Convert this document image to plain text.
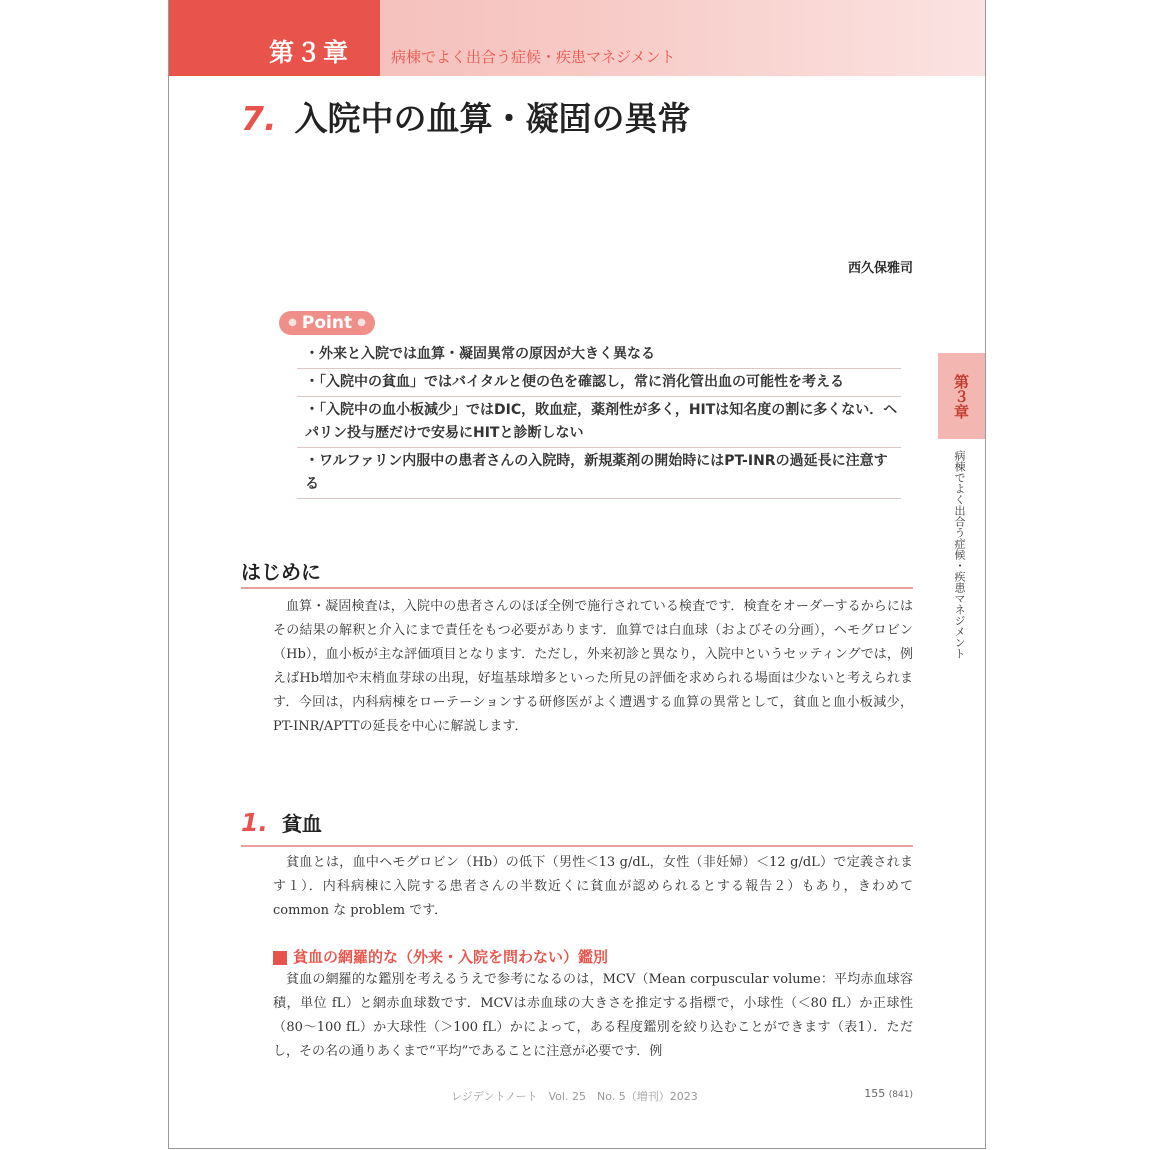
第３章	病棟でよく出合う症候・疾患マネジメント
7. 入院中の血算・凝固の異常
西久保雅司
● Point ●
・外来と入院では血算・凝固異常の原因が大きく異なる
・「入院中の貧血」ではバイタルと便の色を確認し，常に消化管出血の可能性を考える
・「入院中の血小板減少」ではDIC，敗血症，薬剤性が多く，HITは知名度の割に多くない．ヘパリン投与歴だけで安易にHITと診断しない
・ワルファリン内服中の患者さんの入院時，新規薬剤の開始時にはPT-INRの過延長に注意する
第３章
病棟でよく出合う症候・疾患マネジメント
はじめに

血算・凝固検査は，入院中の患者さんのほぼ全例で施行されている検査です．検査をオーダーするからにはその結果の解釈と介入にまで責任をもつ必要があります．血算では白血球（およびその分画），ヘモグロビン（Hb），血小板が主な評価項目となります．ただし，外来初診と異なり，入院中というセッティングでは，例えばHb増加や末梢血芽球の出現，好塩基球増多といった所見の評価を求められる場面は少ないと考えられます．今回は，内科病棟をローテーションする研修医がよく遭遇する血算の異常として，貧血と血小板減少，PT-INR/APTTの延長を中心に解説します．

1. 貧血

貧血とは，血中ヘモグロビン（Hb）の低下（男性＜13 g/dL，女性（非妊婦）＜12 g/dL）で定義されます１）．内科病棟に入院する患者さんの半数近くに貧血が認められるとする報告２）もあり，きわめてcommon な problem です．

貧血の網羅的な（外来・入院を問わない）鑑別

貧血の網羅的な鑑別を考えるうえで参考になるのは，MCV（Mean corpuscular volume：平均赤血球容積，単位 fL）と網赤血球数です．MCVは赤血球の大きさを推定する指標で，小球性（＜80 fL）か正球性（80～100 fL）か大球性（＞100 fL）かによって，ある程度鑑別を絞り込むことができます（表1）．ただし，その名の通りあくまで“平均”であることに注意が必要です．例

レジデントノート　Vol. 25　No. 5（増刊）2023	155 (841)
